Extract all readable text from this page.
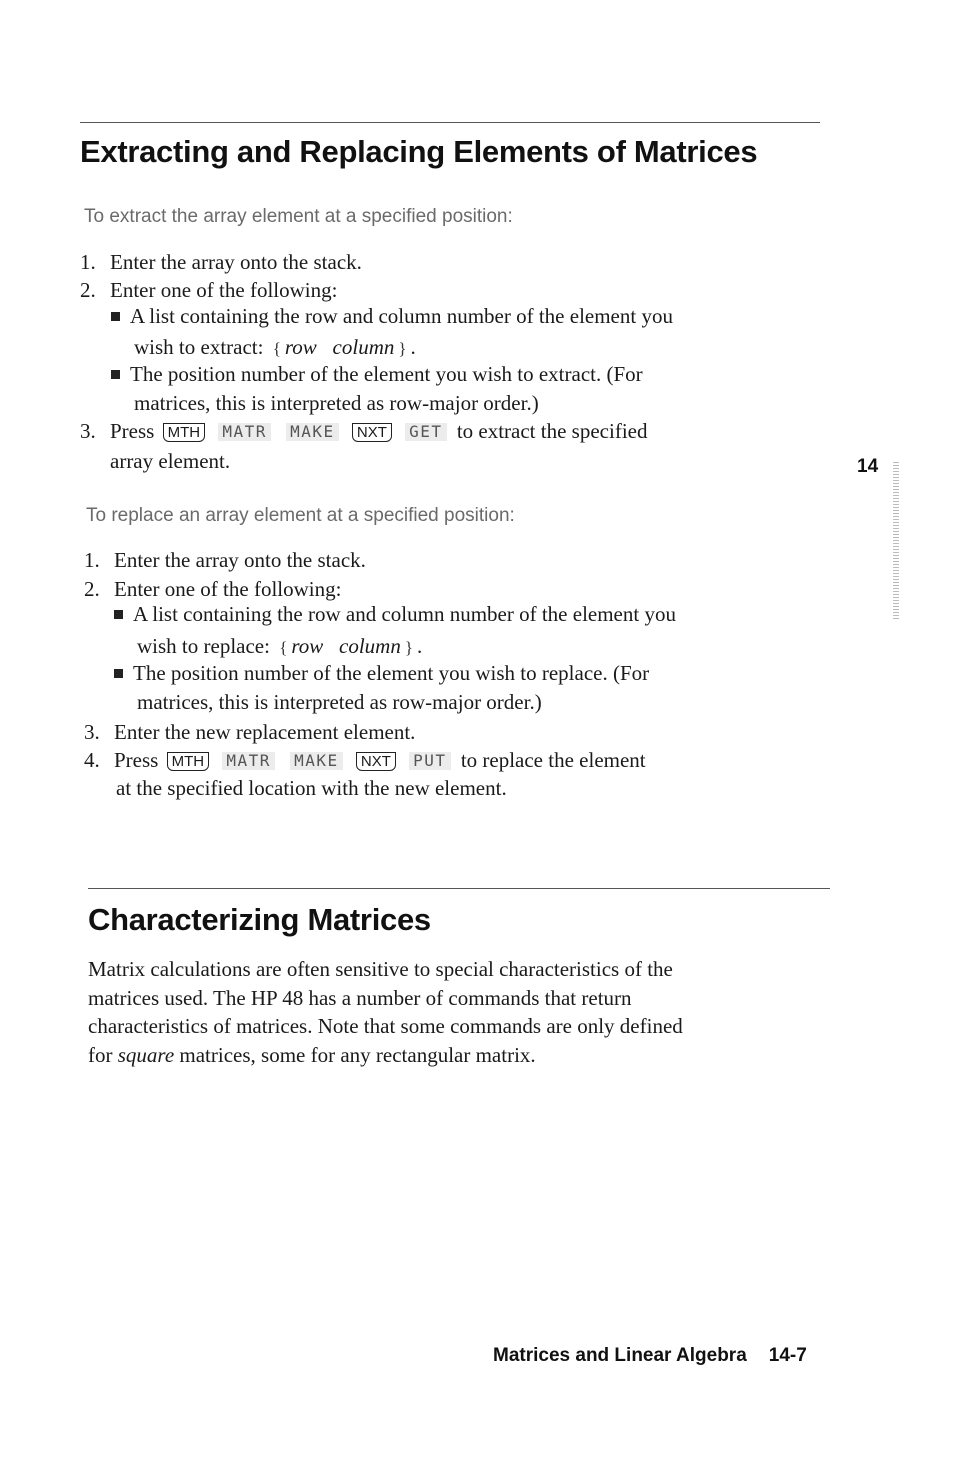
Extracting and Replacing Elements of Matrices
To extract the array element at a specified position:

1. Enter the array onto the stack.

2. Enter one of the following:

A list containing the row and column number of the element you

wish to extract: { row column } .

The position number of the element you wish to extract. (For

matrices, this is interpreted as row-major order.)

3. Press MTH MATR MAKE NXT GET to extract the specified

array element.

To replace an array element at a specified position:

1. Enter the array onto the stack.

2. Enter one of the following:

A list containing the row and column number of the element you

wish to replace: { row column } .

The position number of the element you wish to replace. (For

matrices, this is interpreted as row-major order.)

3. Enter the new replacement element.

4. Press MTH MATR MAKE NXT PUT to replace the element

at the specified location with the new element.

14
Characterizing Matrices

Matrix calculations are often sensitive to special characteristics of the

matrices used. The HP 48 has a number of commands that return

characteristics of matrices. Note that some commands are only defined

for square matrices, some for any rectangular matrix.

Matrices and Linear Algebra 14-7
